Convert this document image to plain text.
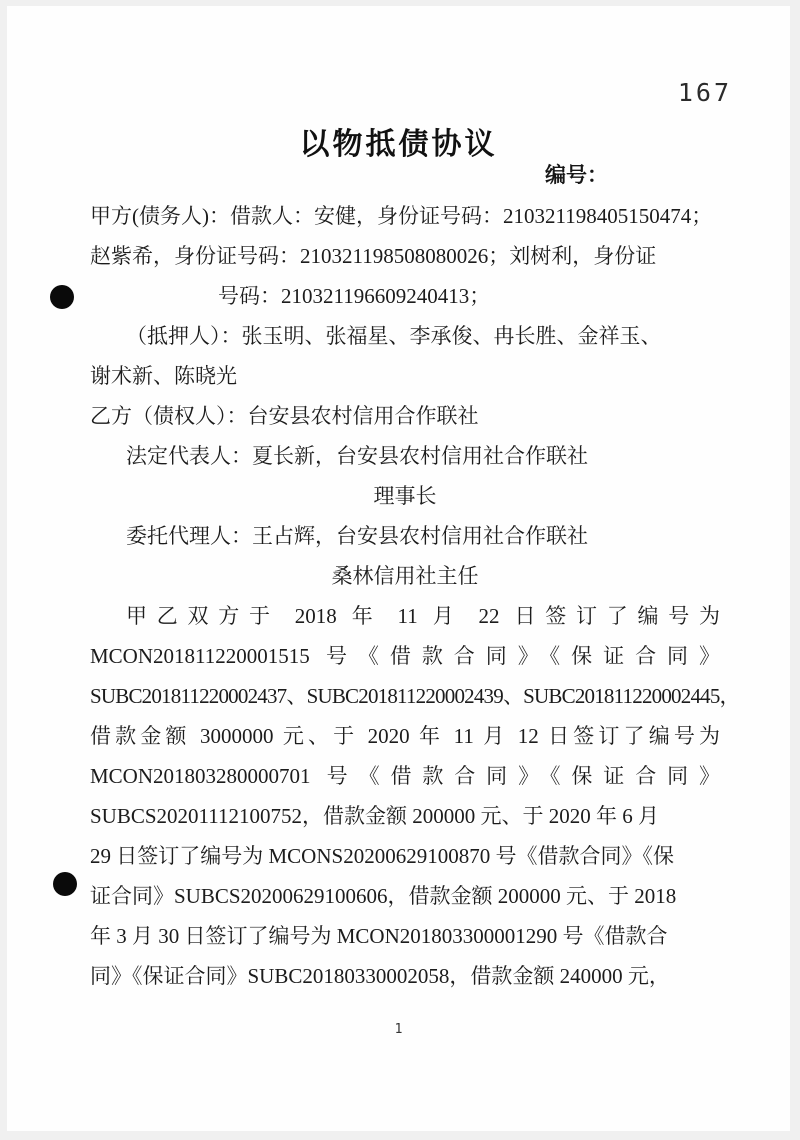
167
以物抵债协议
编号：
甲方(债务人)：借款人：安健，身份证号码：210321198405150474；
赵紫希，身份证号码：210321198508080026；刘树利，身份证
号码：210321196609240413；
（抵押人）：张玉明、张福星、李承俊、冉长胜、金祥玉、
谢术新、陈晓光
乙方（债权人）：台安县农村信用合作联社
法定代表人：夏长新，台安县农村信用社合作联社
理事长
委托代理人：王占辉，台安县农村信用社合作联社
桑林信用社主任
甲乙双方于 2018 年 11 月 22 日签订了编号为
MCON201811220001515 号《借款合同》《保证合同》
SUBC201811220002437、SUBC201811220002439、SUBC201811220002445，
借款金额 3000000 元、于 2020 年 11 月 12 日签订了编号为
MCON201803280000701 号《借款合同》《保证合同》
SUBCS20201112100752，借款金额 200000 元、于 2020 年 6 月
29 日签订了编号为 MCONS20200629100870 号《借款合同》《保
证合同》SUBCS20200629100606，借款金额 200000 元、于 2018
年 3 月 30 日签订了编号为 MCON201803300001290 号《借款合
同》《保证合同》SUBC20180330002058，借款金额 240000 元，
1
